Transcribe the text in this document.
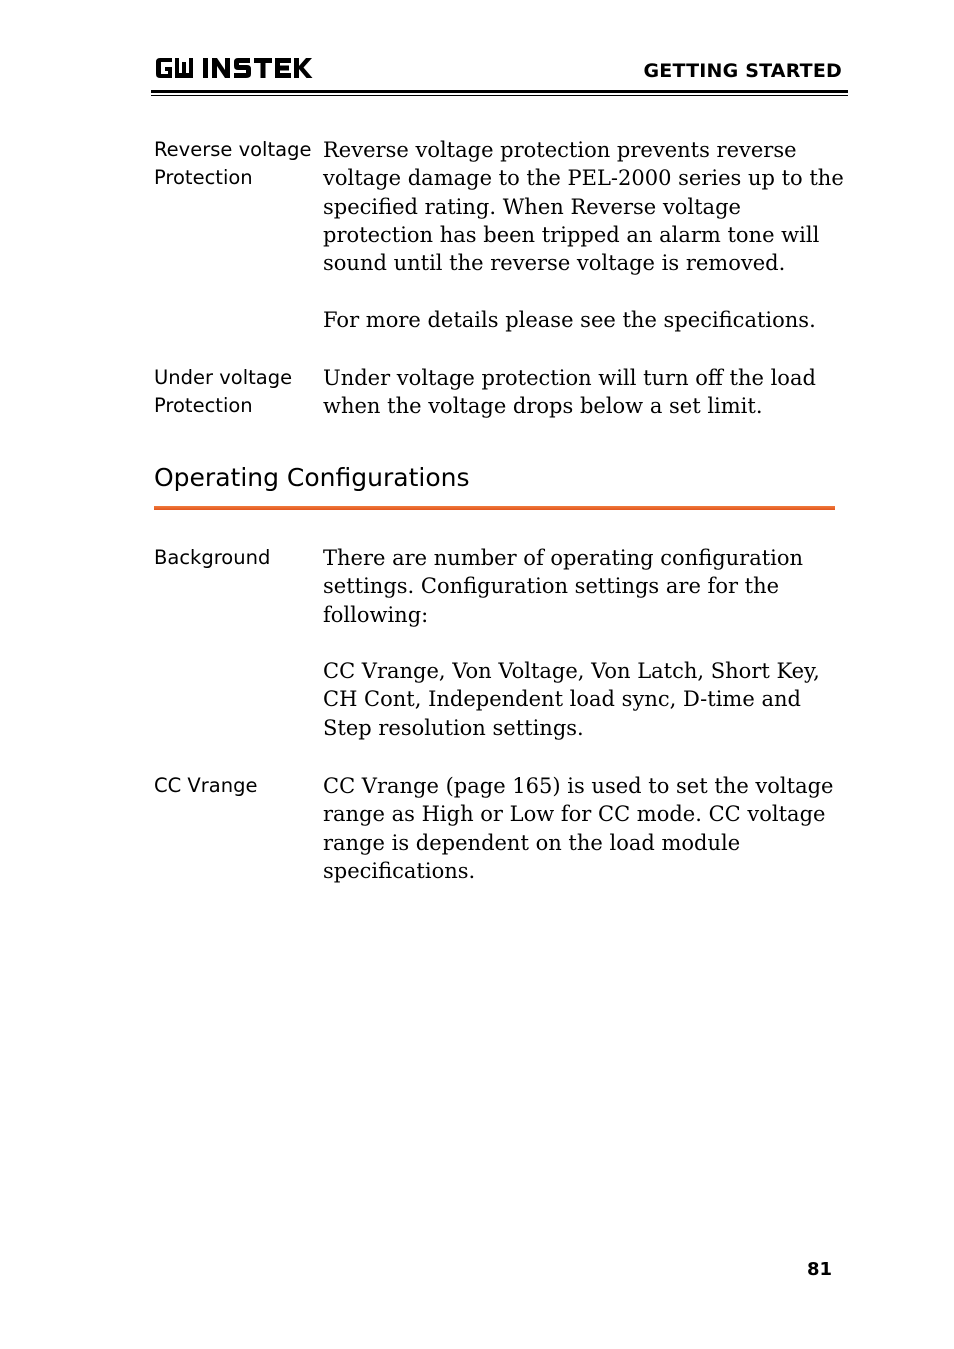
GETTING STARTED
Reverse voltage
Protection

Reverse voltage protection prevents reverse voltage damage to the PEL-2000 series up to the specified rating. When Reverse voltage protection has been tripped an alarm tone will sound until the reverse voltage is removed.

For more details please see the specifications.

Under voltage
Protection

Under voltage protection will turn off the load when the voltage drops below a set limit.

Operating Configurations
Background	There are number of operating configuration settings. Configuration settings are for the following:

CC Vrange, Von Voltage, Von Latch, Short Key, CH Cont, Independent load sync, D-time and Step resolution settings.

CC Vrange	CC Vrange (page 165) is used to set the voltage range as High or Low for CC mode. CC voltage range is dependent on the load module specifications.

81
